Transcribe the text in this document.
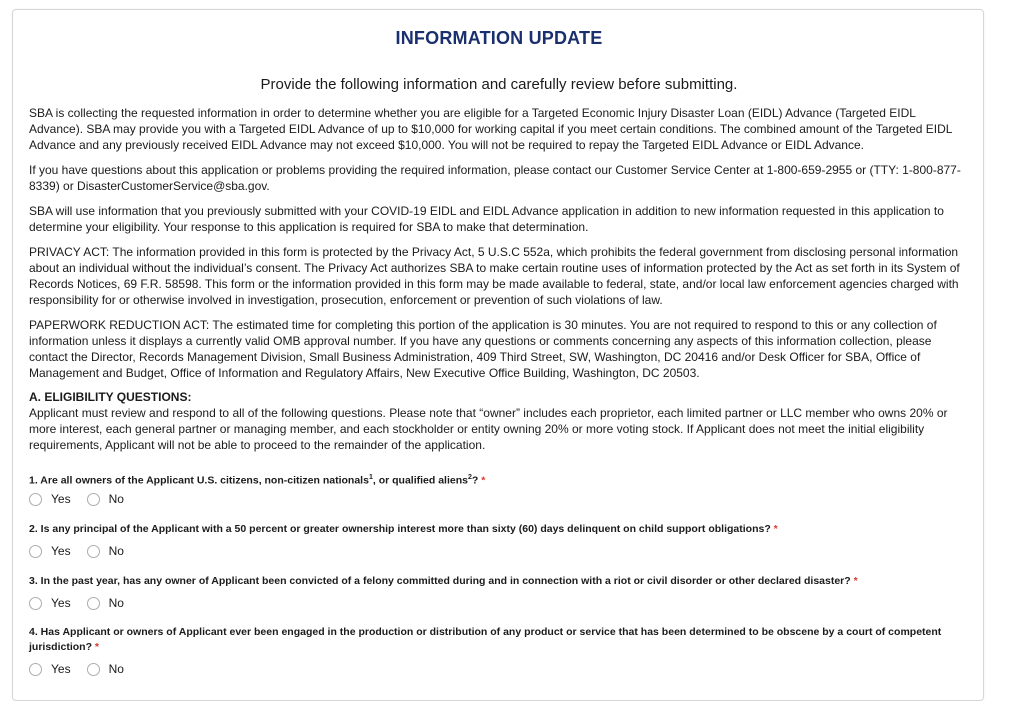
INFORMATION UPDATE
Provide the following information and carefully review before submitting.

SBA is collecting the requested information in order to determine whether you are eligible for a Targeted Economic Injury Disaster Loan (EIDL) Advance (Targeted EIDL Advance). SBA may provide you with a Targeted EIDL Advance of up to $10,000 for working capital if you meet certain conditions. The combined amount of the Targeted EIDL Advance and any previously received EIDL Advance may not exceed $10,000. You will not be required to repay the Targeted EIDL Advance or EIDL Advance.

If you have questions about this application or problems providing the required information, please contact our Customer Service Center at 1-800-659-2955 or (TTY: 1-800-877-8339) or DisasterCustomerService@sba.gov.

SBA will use information that you previously submitted with your COVID-19 EIDL and EIDL Advance application in addition to new information requested in this application to determine your eligibility. Your response to this application is required for SBA to make that determination.

PRIVACY ACT: The information provided in this form is protected by the Privacy Act, 5 U.S.C 552a, which prohibits the federal government from disclosing personal information about an individual without the individual’s consent. The Privacy Act authorizes SBA to make certain routine uses of information protected by the Act as set forth in its System of Records Notices, 69 F.R. 58598. This form or the information provided in this form may be made available to federal, state, and/or local law enforcement agencies charged with responsibility for or otherwise involved in investigation, prosecution, enforcement or prevention of such violations of law.

PAPERWORK REDUCTION ACT: The estimated time for completing this portion of the application is 30 minutes. You are not required to respond to this or any collection of information unless it displays a currently valid OMB approval number. If you have any questions or comments concerning any aspects of this information collection, please contact the Director, Records Management Division, Small Business Administration, 409 Third Street, SW, Washington, DC 20416 and/or Desk Officer for SBA, Office of Management and Budget, Office of Information and Regulatory Affairs, New Executive Office Building, Washington, DC 20503.

A. ELIGIBILITY QUESTIONS:
Applicant must review and respond to all of the following questions. Please note that “owner” includes each proprietor, each limited partner or LLC member who owns 20% or more interest, each general partner or managing member, and each stockholder or entity owning 20% or more voting stock. If Applicant does not meet the initial eligibility requirements, Applicant will not be able to proceed to the remainder of the application.
1. Are all owners of the Applicant U.S. citizens, non-citizen nationals$^1$, or qualified aliens$^2$? *
Yes	No
2. Is any principal of the Applicant with a 50 percent or greater ownership interest more than sixty (60) days delinquent on child support obligations? *
Yes	No
3. In the past year, has any owner of Applicant been convicted of a felony committed during and in connection with a riot or civil disorder or other declared disaster? *
Yes	No
4. Has Applicant or owners of Applicant ever been engaged in the production or distribution of any product or service that has been determined to be obscene by a court of competent jurisdiction? *
Yes	No
